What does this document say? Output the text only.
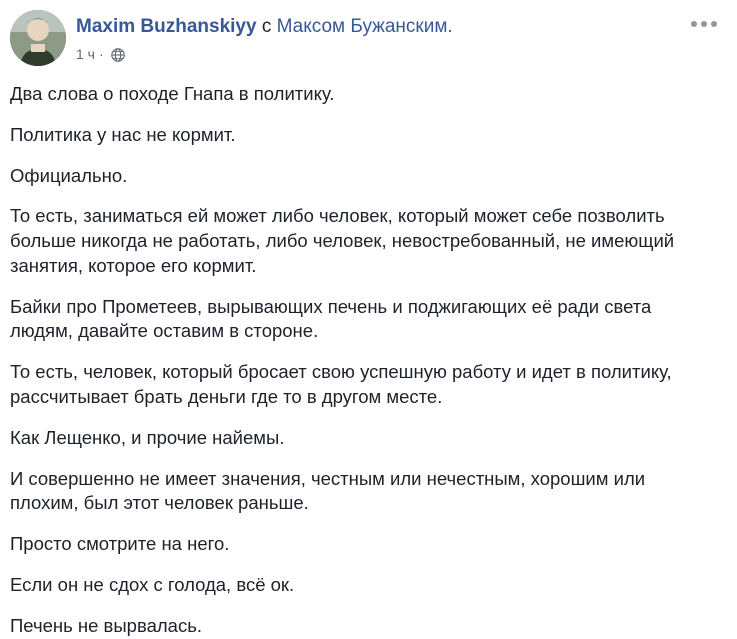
Maxim Buzhanskiyy с Максом Бужанским.
1 ч ·

Два слова о походе Гнапа в политику.

Политика у нас не кормит.

Официально.

То есть, заниматься ей может либо человек, который может себе позволить больше никогда не работать, либо человек, невостребованный, не имеющий занятия, которое его кормит.

Байки про Прометеев, вырывающих печень и поджигающих её ради света людям, давайте оставим в стороне.

То есть, человек, который бросает свою успешную работу и идет в политику, рассчитывает брать деньги где то в другом месте.

Как Лещенко, и прочие найемы.

И совершенно не имеет значения, честным или нечестным, хорошим или плохим, был этот человек раньше.

Просто смотрите на него.

Если он не сдох с голода, всё ок.

Печень не вырвалась.
